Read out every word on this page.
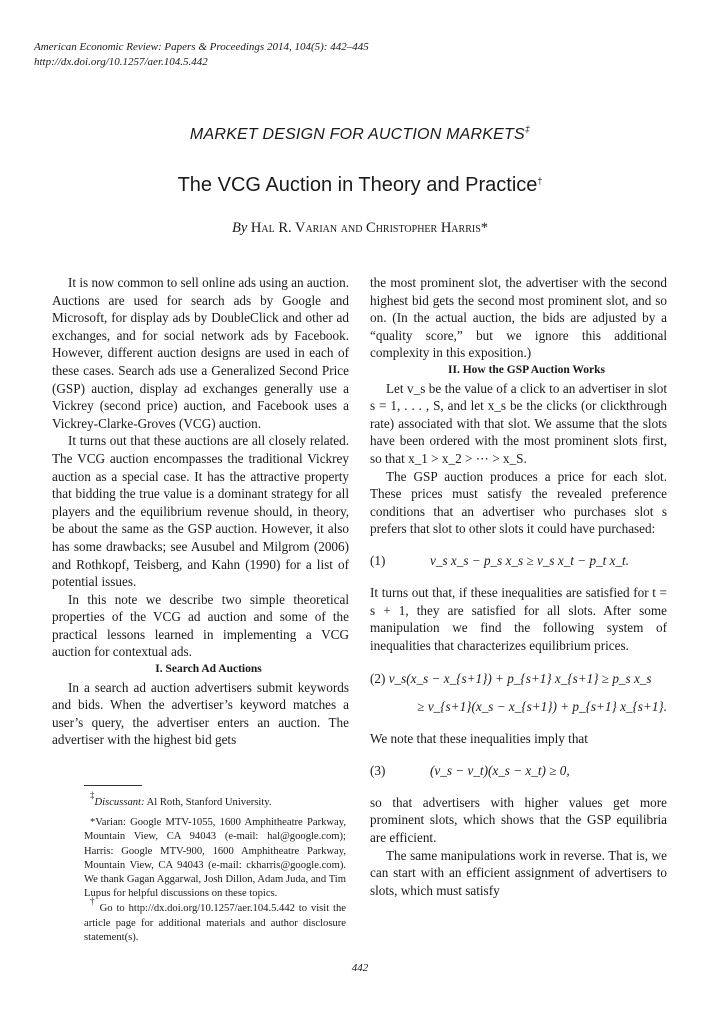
American Economic Review: Papers & Proceedings 2014, 104(5): 442–445
http://dx.doi.org/10.1257/aer.104.5.442
MARKET DESIGN FOR AUCTION MARKETS‡
The VCG Auction in Theory and Practice†
By Hal R. Varian and Christopher Harris*

It is now common to sell online ads using an auction. Auctions are used for search ads by Google and Microsoft, for display ads by DoubleClick and other ad exchanges, and for social network ads by Facebook. However, different auction designs are used in each of these cases. Search ads use a Generalized Second Price (GSP) auction, display ad exchanges generally use a Vickrey (second price) auction, and Facebook uses a Vickrey-Clarke-Groves (VCG) auction.

It turns out that these auctions are all closely related. The VCG auction encompasses the traditional Vickrey auction as a special case. It has the attractive property that bidding the true value is a dominant strategy for all players and the equilibrium revenue should, in theory, be about the same as the GSP auction. However, it also has some drawbacks; see Ausubel and Milgrom (2006) and Rothkopf, Teisberg, and Kahn (1990) for a list of potential issues.

In this note we describe two simple theoretical properties of the VCG ad auction and some of the practical lessons learned in implementing a VCG auction for contextual ads.

I. Search Ad Auctions

In a search ad auction advertisers submit keywords and bids. When the advertiser’s keyword matches a user’s query, the advertiser enters an auction. The advertiser with the highest bid gets

the most prominent slot, the advertiser with the second highest bid gets the second most prominent slot, and so on. (In the actual auction, the bids are adjusted by a “quality score,” but we ignore this additional complexity in this exposition.)

II. How the GSP Auction Works

Let v_s be the value of a click to an advertiser in slot s = 1, . . . , S, and let x_s be the clicks (or clickthrough rate) associated with that slot. We assume that the slots have been ordered with the most prominent slots first, so that x_1 > x_2 > ⋯ > x_S.

The GSP auction produces a price for each slot. These prices must satisfy the revealed preference conditions that an advertiser who purchases slot s prefers that slot to other slots it could have purchased:

(1)	v_s x_s − p_s x_s ≥ v_s x_t − p_t x_t.

It turns out that, if these inequalities are satisfied for t = s + 1, they are satisfied for all slots. After some manipulation we find the following system of inequalities that characterizes equilibrium prices.

(2) v_s(x_s − x_{s+1}) + p_{s+1} x_{s+1} ≥ p_s x_s
≥ v_{s+1}(x_s − x_{s+1}) + p_{s+1} x_{s+1}.

We note that these inequalities imply that

(3)	(v_s − v_t)(x_s − x_t) ≥ 0,

so that advertisers with higher values get more prominent slots, which shows that the GSP equilibria are efficient.

The same manipulations work in reverse. That is, we can start with an efficient assignment of advertisers to slots, which must satisfy

‡Discussant: Al Roth, Stanford University.

*Varian: Google MTV-1055, 1600 Amphitheatre Parkway, Mountain View, CA 94043 (e-mail: hal@google.com); Harris: Google MTV-900, 1600 Amphitheatre Parkway, Mountain View, CA 94043 (e-mail: ckharris@google.com). We thank Gagan Aggarwal, Josh Dillon, Adam Juda, and Tim Lupus for helpful discussions on these topics.

† Go to http://dx.doi.org/10.1257/aer.104.5.442 to visit the article page for additional materials and author disclosure statement(s).

442
